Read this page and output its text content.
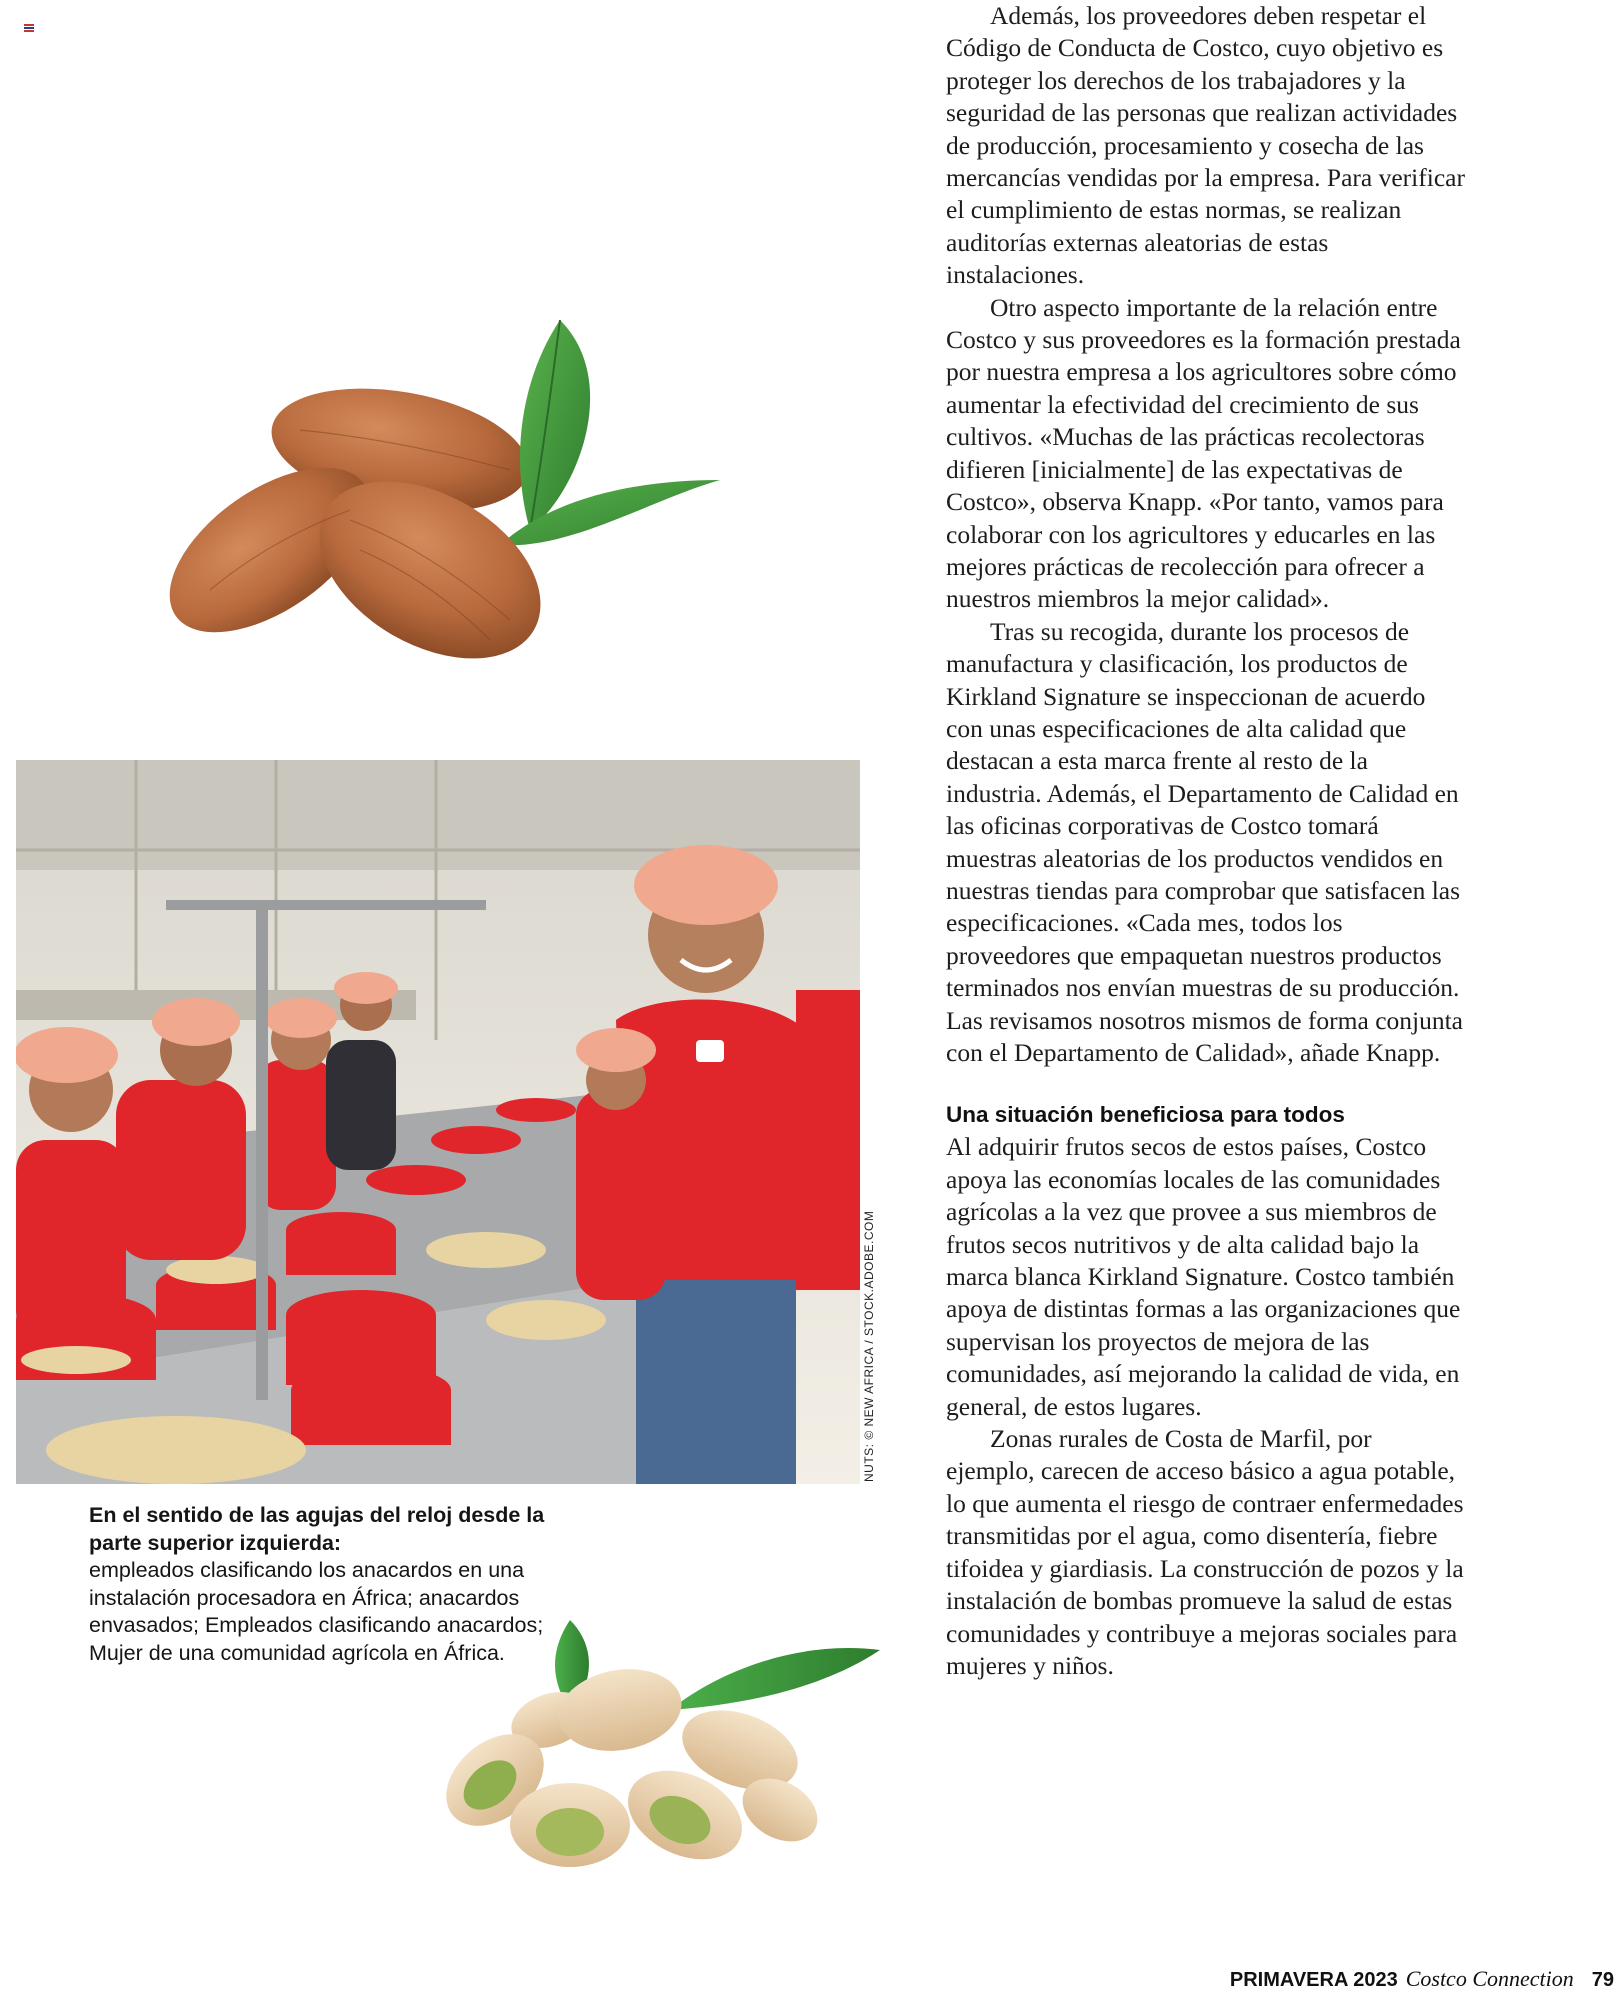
NUTS: © NEW AFRICA / STOCK.ADOBE.COM
En el sentido de las agujas del reloj desde la parte superior izquierda:
empleados clasificando los anacardos en una instalación procesadora en África; anacardos envasados; Empleados clasificando anacardos; Mujer de una comunidad agrícola en África.

Además, los proveedores deben respetar el Código de Conducta de Costco, cuyo objetivo es proteger los derechos de los trabajadores y la seguridad de las personas que realizan actividades de producción, procesamiento y cosecha de las mercancías vendidas por la empresa. Para verificar el cumplimiento de estas normas, se realizan auditorías externas aleatorias de estas instalaciones.

Otro aspecto importante de la relación entre Costco y sus proveedores es la formación prestada por nuestra empresa a los agricultores sobre cómo aumentar la efectividad del crecimiento de sus cultivos. «Muchas de las prácticas recolectoras difieren [inicialmente] de las expectativas de Costco», observa Knapp. «Por tanto, vamos para colaborar con los agricultores y educarles en las mejores prácticas de recolección para ofrecer a nuestros miembros la mejor calidad».

Tras su recogida, durante los procesos de manufactura y clasificación, los productos de Kirkland Signature se inspeccionan de acuerdo con unas especificaciones de alta calidad que destacan a esta marca frente al resto de la industria. Además, el Departamento de Calidad en las oficinas corporativas de Costco tomará muestras aleatorias de los productos vendidos en nuestras tiendas para comprobar que satisfacen las especificaciones. «Cada mes, todos los proveedores que empaquetan nuestros productos terminados nos envían muestras de su producción. Las revisamos nosotros mismos de forma conjunta con el Departamento de Calidad», añade Knapp.

Una situación beneficiosa para todos

Al adquirir frutos secos de estos países, Costco apoya las economías locales de las comunidades agrícolas a la vez que provee a sus miembros de frutos secos nutritivos y de alta calidad bajo la marca blanca Kirkland Signature. Costco también apoya de distintas formas a las organizaciones que supervisan los proyectos de mejora de las comunidades, así mejorando la calidad de vida, en general, de estos lugares.

Zonas rurales de Costa de Marfil, por ejemplo, carecen de acceso básico a agua potable, lo que aumenta el riesgo de contraer enfermedades transmitidas por el agua, como disentería, fiebre tifoidea y giardiasis. La construcción de pozos y la instalación de bombas promueve la salud de estas comunidades y contribuye a mejoras sociales para mujeres y niños.

PRIMAVERA 2023 Costco Connection 79
